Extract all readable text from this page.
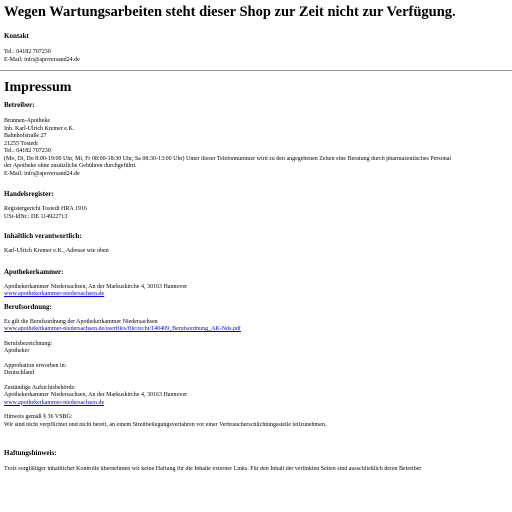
Wegen Wartungsarbeiten steht dieser Shop zur Zeit nicht zur Verfügung.
Kontakt

Tel.: 04182 707230

E-Mail: info@apoversand24.de

Impressum
Betreiber:

Brunnen-Apotheke

Inh. Karl-Ulrich Kremer e.K.

Bahnhofstraße 27

21255 Tostedt

Tel.: 04182 707230

(Mo, Di, Do 8:00-19:00 Uhr, Mi, Fr 08:00-18:30 Uhr, Sa 08:30-13:00 Uhr) Unter dieser Telefonnummer wird zu den angegebenen Zeiten eine Beratung durch pharmazeutisches Personal

der Apotheke ohne zusätzliche Gebühren durchgeführt.

E-Mail: info@apoversand24.de

Handelsregister:

Registergericht Tostedt HRA 1916

USt-IdNr.: DE 114922713

Inhaltlich verantwortlich:

Karl-Ulrich Kremer e.K., Adresse wie oben

Apothekerkammer:

Apothekerkammer Niedersachsen, An der Markuskirche 4, 30163 Hannover

www.apothekerkammer-niedersachsen.de

Berufsordnung:

Es gilt die Berufsordnung der Apothekerkammer Niedersachsen

www.apothekerkammer-niedersachsen.de/userfiles/file/recht/140409_Berufsordnung_AK-Nds.pdf

Berufsbezeichnung:

Apotheker

Approbation erworben in:

Deutschland

Zuständige Aufsichtsbehörde:

Apothekerkammer Niedersachsen, An der Markuskirche 4, 30163 Hannover

www.apothekerkammer-niedersachsen.de

Hinweis gemäß § 36 VSBG:

Wir sind nicht verpflichtet und nicht bereit, an einem Streitbeilegungsverfahren vor einer Verbraucherschlichtungsstelle teilzunehmen.

Haftungshinweis:

Trotz sorgfältiger inhaltlicher Kontrolle übernehmen wir keine Haftung für die Inhalte externer Links. Für den Inhalt der verlinkten Seiten sind ausschließlich deren Betreiber
